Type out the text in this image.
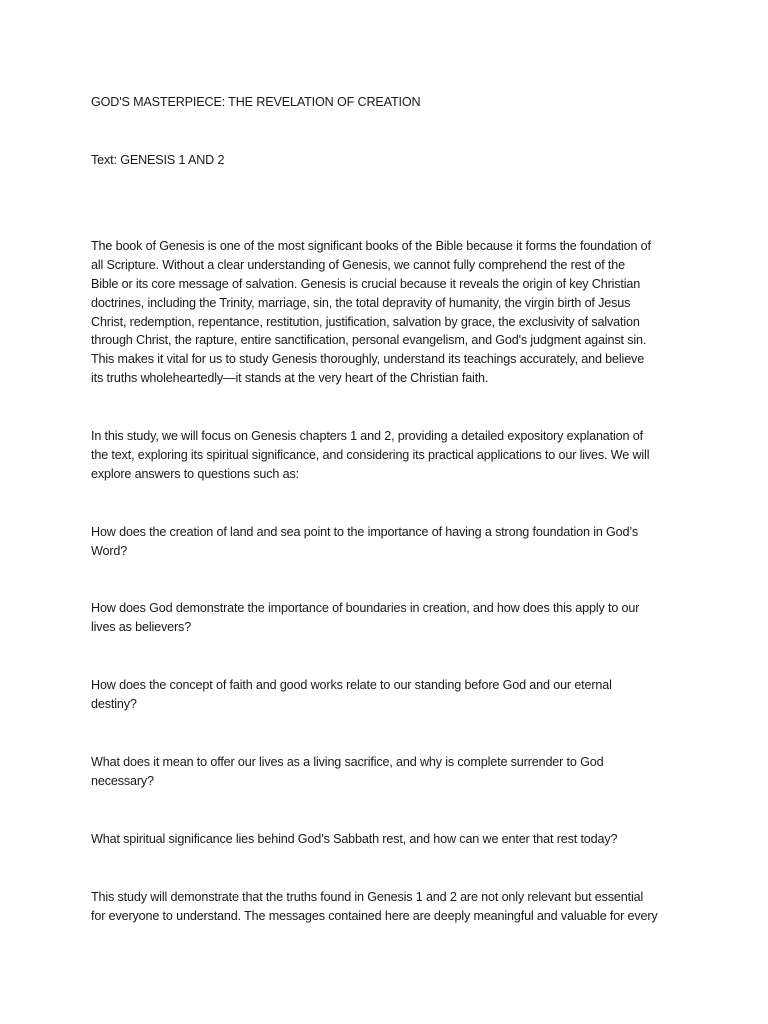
GOD'S MASTERPIECE: THE REVELATION OF CREATION

Text: GENESIS 1 AND 2

The book of Genesis is one of the most significant books of the Bible because it forms the foundation of

all Scripture. Without a clear understanding of Genesis, we cannot fully comprehend the rest of the

Bible or its core message of salvation. Genesis is crucial because it reveals the origin of key Christian

doctrines, including the Trinity, marriage, sin, the total depravity of humanity, the virgin birth of Jesus

Christ, redemption, repentance, restitution, justification, salvation by grace, the exclusivity of salvation

through Christ, the rapture, entire sanctification, personal evangelism, and God's judgment against sin.

This makes it vital for us to study Genesis thoroughly, understand its teachings accurately, and believe

its truths wholeheartedly—it stands at the very heart of the Christian faith.

In this study, we will focus on Genesis chapters 1 and 2, providing a detailed expository explanation of

the text, exploring its spiritual significance, and considering its practical applications to our lives. We will

explore answers to questions such as:

How does the creation of land and sea point to the importance of having a strong foundation in God’s

Word?

How does God demonstrate the importance of boundaries in creation, and how does this apply to our

lives as believers?

How does the concept of faith and good works relate to our standing before God and our eternal

destiny?

What does it mean to offer our lives as a living sacrifice, and why is complete surrender to God

necessary?

What spiritual significance lies behind God’s Sabbath rest, and how can we enter that rest today?

This study will demonstrate that the truths found in Genesis 1 and 2 are not only relevant but essential

for everyone to understand. The messages contained here are deeply meaningful and valuable for every
